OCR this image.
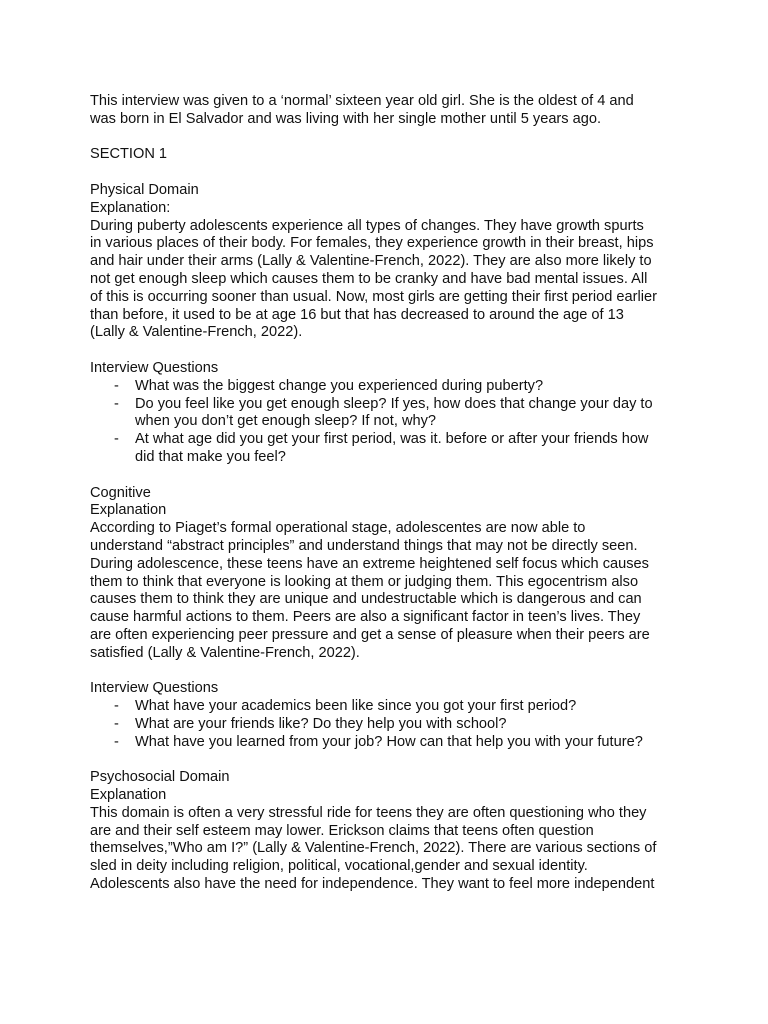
This interview was given to a ‘normal’ sixteen year old girl. She is the oldest of 4 and
was born in El Salvador and was living with her single mother until 5 years ago.

SECTION 1

Physical Domain

Explanation:

During puberty adolescents experience all types of changes. They have growth spurts
in various places of their body. For females, they experience growth in their breast, hips
and hair under their arms (Lally & Valentine-French, 2022). They are also more likely to
not get enough sleep which causes them to be cranky and have bad mental issues. All
of this is occurring sooner than usual. Now, most girls are getting their first period earlier
than before, it used to be at age 16 but that has decreased to around the age of 13
(Lally & Valentine-French, 2022).

Interview Questions

- What was the biggest change you experienced during puberty?
- Do you feel like you get enough sleep? If yes, how does that change your day to
when you don’t get enough sleep? If not, why?
- At what age did you get your first period, was it. before or after your friends how
did that make you feel?

Cognitive

Explanation

According to Piaget’s formal operational stage, adolescentes are now able to
understand “abstract principles” and understand things that may not be directly seen.
During adolescence, these teens have an extreme heightened self focus which causes
them to think that everyone is looking at them or judging them. This egocentrism also
causes them to think they are unique and undestructable which is dangerous and can
cause harmful actions to them. Peers are also a significant factor in teen’s lives. They
are often experiencing peer pressure and get a sense of pleasure when their peers are
satisfied (Lally & Valentine-French, 2022).

Interview Questions

- What have your academics been like since you got your first period?
- What are your friends like? Do they help you with school?
- What have you learned from your job? How can that help you with your future?

Psychosocial Domain

Explanation

This domain is often a very stressful ride for teens they are often questioning who they
are and their self esteem may lower. Erickson claims that teens often question
themselves,”Who am I?” (Lally & Valentine-French, 2022). There are various sections of
sled in deity including religion, political, vocational,gender and sexual identity.
Adolescents also have the need for independence. They want to feel more independent
